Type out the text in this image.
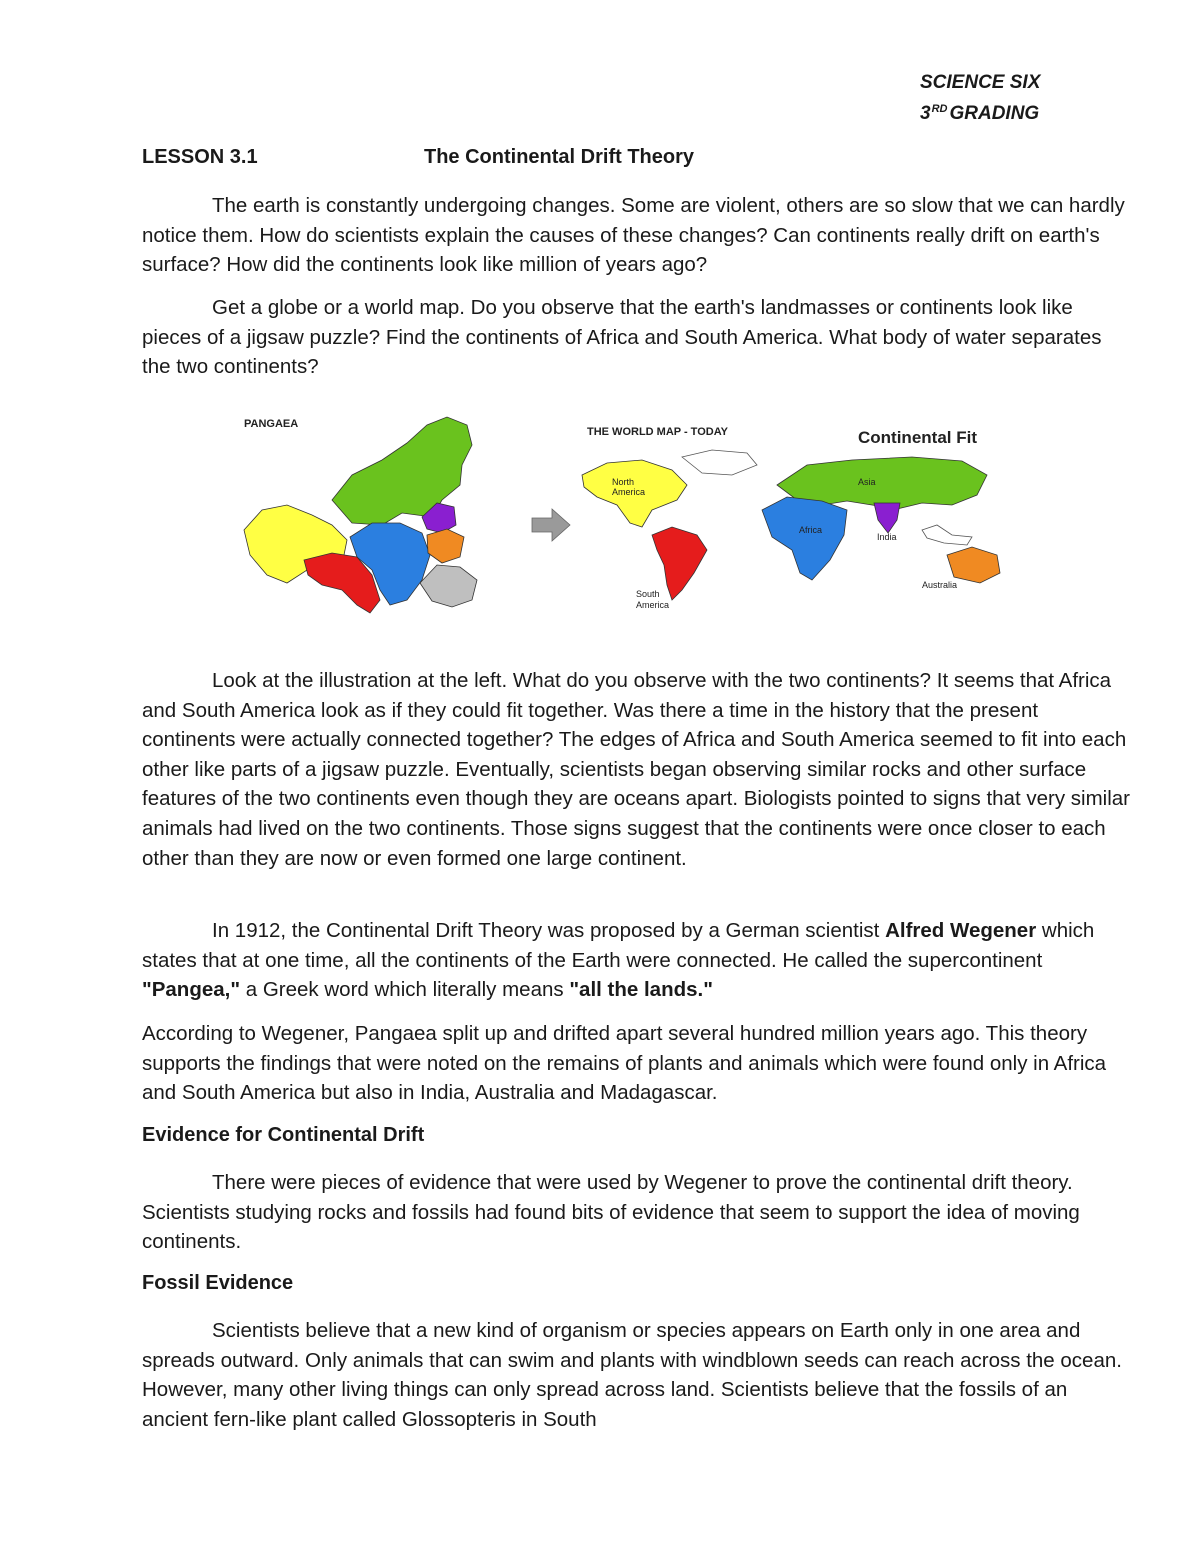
SCIENCE SIX
3RD GRADING
LESSON 3.1	The Continental Drift Theory

The earth is constantly undergoing changes. Some are violent, others are so slow that we can hardly notice them. How do scientists explain the causes of these changes? Can continents really drift on earth's surface? How did the continents look like million of years ago?

Get a globe or a world map. Do you observe that the earth's landmasses or continents look like pieces of a jigsaw puzzle? Find the continents of Africa and South America. What body of water separates the two continents?

PANGAEA
THE WORLD MAP - TODAY
North
America
South
America
Continental Fit
Asia
Africa
India
Australia

Look at the illustration at the left. What do you observe with the two continents? It seems that Africa and South America look as if they could fit together. Was there a time in the history that the present continents were actually connected together? The edges of Africa and South America seemed to fit into each other like parts of a jigsaw puzzle. Eventually, scientists began observing similar rocks and other surface features of the two continents even though they are oceans apart. Biologists pointed to signs that very similar animals had lived on the two continents. Those signs suggest that the continents were once closer to each other than they are now or even formed one large continent.

In 1912, the Continental Drift Theory was proposed by a German scientist Alfred Wegener which states that at one time, all the continents of the Earth were connected. He called the supercontinent "Pangea," a Greek word which literally means "all the lands."

According to Wegener, Pangaea split up and drifted apart several hundred million years ago. This theory supports the findings that were noted on the remains of plants and animals which were found only in Africa and South America but also in India, Australia and Madagascar.

Evidence for Continental Drift

There were pieces of evidence that were used by Wegener to prove the continental drift theory. Scientists studying rocks and fossils had found bits of evidence that seem to support the idea of moving continents.

Fossil Evidence

Scientists believe that a new kind of organism or species appears on Earth only in one area and spreads outward. Only animals that can swim and plants with windblown seeds can reach across the ocean. However, many other living things can only spread across land. Scientists believe that the fossils of an ancient fern-like plant called Glossopteris in South
